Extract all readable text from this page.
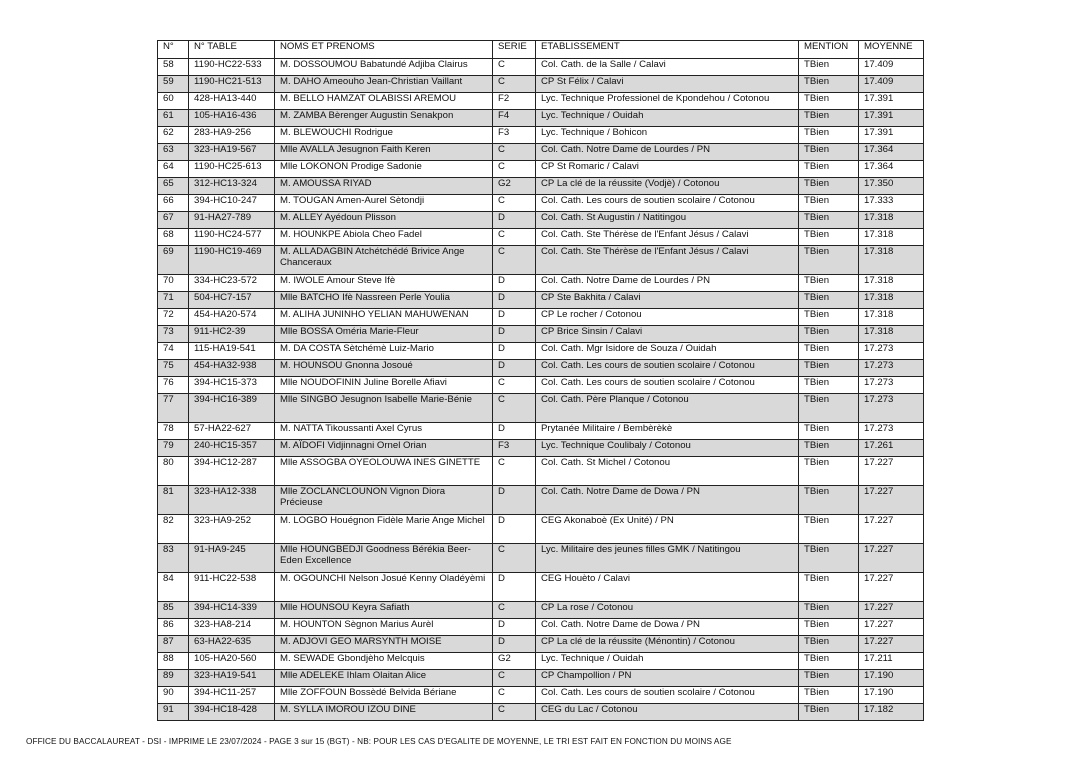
N°	N° TABLE	NOMS ET PRENOMS	SERIE	ETABLISSEMENT	MENTION	MOYENNE
58	1190-HC22-533	M. DOSSOUMOU Babatundé Adjiba Clairus	C	Col. Cath. de la Salle / Calavi	TBien	17.409
59	1190-HC21-513	M. DAHO Ameouho Jean-Christian Vaillant	C	CP St Félix / Calavi	TBien	17.409
60	428-HA13-440	M. BELLO HAMZAT OLABISSI AREMOU	F2	Lyc. Technique Professionel de Kpondehou / Cotonou	TBien	17.391
61	105-HA16-436	M. ZAMBA Bèrenger Augustin Senakpon	F4	Lyc. Technique / Ouidah	TBien	17.391
62	283-HA9-256	M. BLEWOUCHI Rodrigue	F3	Lyc. Technique / Bohicon	TBien	17.391
63	323-HA19-567	Mlle AVALLA Jesugnon Faith Keren	C	Col. Cath. Notre Dame de Lourdes / PN	TBien	17.364
64	1190-HC25-613	Mlle LOKONON Prodige Sadonie	C	CP St Romaric / Calavi	TBien	17.364
65	312-HC13-324	M. AMOUSSA RIYAD	G2	CP La clé de la réussite (Vodjè) / Cotonou	TBien	17.350
66	394-HC10-247	M. TOUGAN Amen-Aurel Sètondji	C	Col. Cath. Les cours de soutien scolaire / Cotonou	TBien	17.333
67	91-HA27-789	M. ALLEY Ayédoun Plisson	D	Col. Cath. St Augustin / Natitingou	TBien	17.318
68	1190-HC24-577	M. HOUNKPE Abiola Cheo Fadel	C	Col. Cath. Ste Thérèse de l'Enfant Jésus / Calavi	TBien	17.318
69	1190-HC19-469	M. ALLADAGBIN Atchétchédé Brivice Ange Chanceraux	C	Col. Cath. Ste Thérèse de l'Enfant Jésus / Calavi	TBien	17.318
70	334-HC23-572	M. IWOLE Amour Steve Ifè	D	Col. Cath. Notre Dame de Lourdes / PN	TBien	17.318
71	504-HC7-157	Mlle BATCHO Ifè Nassreen Perle Youlia	D	CP Ste Bakhita / Calavi	TBien	17.318
72	454-HA20-574	M. ALIHA JUNINHO YELIAN MAHUWENAN	D	CP Le rocher / Cotonou	TBien	17.318
73	911-HC2-39	Mlle BOSSA Oméria Marie-Fleur	D	CP Brice Sinsin / Calavi	TBien	17.318
74	115-HA19-541	M. DA COSTA Sètchémè Luiz-Mario	D	Col. Cath. Mgr Isidore de Souza / Ouidah	TBien	17.273
75	454-HA32-938	M. HOUNSOU Gnonna Josoué	D	Col. Cath. Les cours de soutien scolaire / Cotonou	TBien	17.273
76	394-HC15-373	Mlle NOUDOFININ Juline Borelle Afiavi	C	Col. Cath. Les cours de soutien scolaire / Cotonou	TBien	17.273
77	394-HC16-389	Mlle SINGBO Jesugnon Isabelle Marie-Bénie	C	Col. Cath. Père Planque / Cotonou	TBien	17.273
78	57-HA22-627	M. NATTA Tikoussanti Axel Cyrus	D	Prytanée Militaire / Bembèrèkè	TBien	17.273
79	240-HC15-357	M. AÏDOFI Vidjinnagni Ornel Orian	F3	Lyc. Technique Coulibaly / Cotonou	TBien	17.261
80	394-HC12-287	Mlle ASSOGBA OYEOLOUWA INES GINETTE	C	Col. Cath. St Michel / Cotonou	TBien	17.227
81	323-HA12-338	Mlle ZOCLANCLOUNON Vignon Diora Précieuse	D	Col. Cath. Notre Dame de Dowa / PN	TBien	17.227
82	323-HA9-252	M. LOGBO Houégnon Fidèle Marie Ange Michel	D	CEG Akonaboè (Ex Unité) / PN	TBien	17.227
83	91-HA9-245	Mlle HOUNGBEDJI Goodness Bérékia Beer-Eden Excellence	C	Lyc. Militaire des jeunes filles GMK / Natitingou	TBien	17.227
84	911-HC22-538	M. OGOUNCHI Nelson Josué Kenny Oladéyèmi	D	CEG Houèto / Calavi	TBien	17.227
85	394-HC14-339	Mlle HOUNSOU Keyra Safiath	C	CP La rose / Cotonou	TBien	17.227
86	323-HA8-214	M. HOUNTON Sègnon Marius Aurèl	D	Col. Cath. Notre Dame de Dowa / PN	TBien	17.227
87	63-HA22-635	M. ADJOVI GEO MARSYNTH MOISE	D	CP La clé de la réussite (Ménontin) / Cotonou	TBien	17.227
88	105-HA20-560	M. SEWADE Gbondjèho Melcquis	G2	Lyc. Technique / Ouidah	TBien	17.211
89	323-HA19-541	Mlle ADELEKE Ihlam Olaitan Alice	C	CP Champollion / PN	TBien	17.190
90	394-HC11-257	Mlle ZOFFOUN Bossèdé Belvida Bériane	C	Col. Cath. Les cours de soutien scolaire / Cotonou	TBien	17.190
91	394-HC18-428	M. SYLLA IMOROU IZOU DINE	C	CEG du Lac / Cotonou	TBien	17.182
OFFICE DU BACCALAUREAT - DSI - IMPRIME LE 23/07/2024 - PAGE 3 sur 15 (BGT) - NB: POUR LES CAS D'EGALITE DE MOYENNE, LE TRI EST FAIT EN FONCTION DU MOINS AGE
